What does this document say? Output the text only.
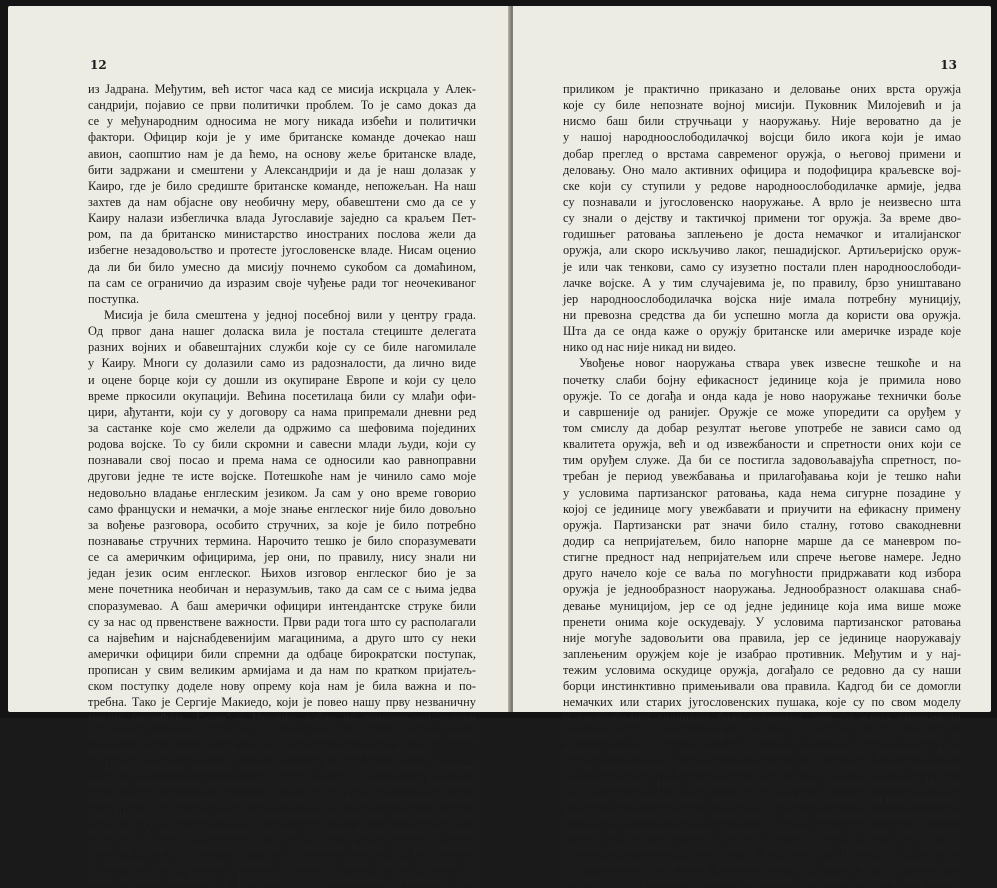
12
из Јадрана. Међутим, већ истог часа кад се мисија искрцала у Алек-
сандрији, појавио се први политички проблем. То је само доказ да
се у међународним односима не могу никада избећи и политички
фактори. Официр који је у име британске команде дочекао наш
авион, саопштио нам је да ћемо, на основу жеље британске владе,
бити задржани и смештени у Александрији и да је наш долазак у
Каиро, где је било средиште британске команде, непожељан. На наш
захтев да нам објасне ову необичну меру, обавештени смо да се у
Каиру налази избегличка влада Југославије заједно са краљем Пет-
ром, па да британско министарство иностраних послова жели да
избегне незадовољство и протесте југословенске владе. Нисам оценио
да ли би било умесно да мисију почнемо сукобом са домаћином,
па сам се ограничио да изразим своје чуђење ради тог неочекиваног
поступка.
Мисија је била смештена у једној посебној вили у центру града.
Од првог дана нашег доласка вила је постала стециште делегата
разних војних и обавештајних служби које су се биле нагомилале
у Каиру. Многи су долазили само из радозналости, да лично виде
и оцене борце који су дошли из окупиране Европе и који су цело
време пркосили окупацији. Већина посетилаца били су млађи офи-
цири, ађутанти, који су у договору са нама припремали дневни ред
за састанке које смо желели да одржимо са шефовима појединих
родова војске. То су били скромни и савесни млади људи, који су
познавали свој посао и према нама се односили као равноправни
другови једне те исте војске. Потешкоће нам је чинило само моје
недовољно владање енглеским језиком. Ја сам у оно време говорио
само француски и немачки, а моје знање енглеског није било довољно
за вођење разговора, особито стручних, за које је било потребно
познавање стручних термина. Нарочито тешко је било споразумевати
се са америчким официрима, јер они, по правилу, нису знали ни
један језик осим енглеског. Њихов изговор енглеског био је за
мене почетника необичан и неразумљив, тако да сам се с њима једва
споразумевао. А баш амерички официри интендантске струке били
су за нас од првенствене важности. Први ради тога што су располагали
са највећим и најснабдевенијим магацинима, а друго што су неки
амерички официри били спремни да одбаце бирократски поступак,
прописан у свим великим армијама и да нам по кратком пријатељ-
ском поступку доделе нову опрему која нам је била важна и по-
требна. Тако је Сергије Макиедо, који је повео нашу прву незваничну
мисију бродићем „Бакар" у Италију, добио на пријатељској основи
од једног америчког мајора, са свега неколико дана, далеко више
опреме и оружја него што је пре тога добила читава наша војска.
Прва седмица боравка војне мисије била је испуњена припре-
мама и претходним договорима за састанак са генералом Мејтланд
Вилсоном, командантом Средњег истока и са ваздухопловним марша-
лом Шолто Дугласом, који је командовао ваздушним снагама на том
подручју. У склопу припрема за ове састанке војна мисија је одве-
дена на један пустињски полигон у близини Каира. То је учињено
у намери да чланови мисије упознају нове врсте оружја и
нове моделе израђене у Британији и Сједињеним Државама. Том
13
приликом је практично приказано и деловање оних врста оружја
које су биле непознате војној мисији. Пуковник Милојевић и ја
нисмо баш били стручњаци у наоружању. Није вероватно да је
у нашој народноослободилачкој војсци било икога који је имао
добар преглед о врстама савременог оружја, о његовој примени и
деловању. Оно мало активних официра и подофицира краљевске вој-
ске који су ступили у редове народноослободилачке армије, једва
су познавали и југословенско наоружање. А врло је неизвесно шта
су знали о дејству и тактичкој примени тог оружја. За време дво-
годишњег ратовања заплењено је доста немачког и италијанског
оружја, али скоро искључиво лаког, пешадијског. Артиљеријско оруж-
је или чак тенкови, само су изузетно постали плен народноослободи-
лачке војске. А у тим случајевима је, по правилу, брзо уништавано
јер народноослободилачка војска није имала потребну муницију,
ни превозна средства да би успешно могла да користи ова оружја.
Шта да се онда каже о оружју британске или америчке израде које
нико од нас није никад ни видео.
Увођење новог наоружања ствара увек извесне тешкоће и на
почетку слаби бојну ефикасност јединице која је примила ново
оружје. То се догађа и онда када је ново наоружање технички боље
и савршеније од ранијег. Оружје се може упоредити са оруђем у
том смислу да добар резултат његове употребе не зависи само од
квалитета оружја, већ и од извежбаности и спретности оних који се
тим оруђем служе. Да би се постигла задовољавајућа спретност, по-
требан је период увежбавања и прилагођавања који је тешко наћи
у условима партизанског ратовања, када нема сигурне позадине у
којој се јединице могу увежбавати и приучити на ефикасну примену
оружја. Партизански рат значи било сталну, готово свакодневни
додир са непријатељем, било напорне марше да се маневром по-
стигне предност над непријатељем или спрече његове намере. Једно
друго начело које се ваља по могућности придржавати код избора
оружја је једнообразност наоружања. Једнообразност олакшава снаб-
девање муницијом, јер се од једне јединице која има више може
пренети онима које оскудевају. У условима партизанског ратовања
није могуће задовољити ова правила, јер се јединице наоружавају
заплењеним оружјем које је изабрао противник. Међутим и у нај-
тежим условима оскудице оружја, догађало се редовно да су наши
борци инстинктивно примењивали ова правила. Кадгод би се домогли
немачких или старих југословенских пушака, које су по свом моделу
и употребљеној муницији биле истоветне, они би њима замењивали
италијанске и старо-аустријске пушке. У избору оружја требало је
водити рачуна и о посебним условима партизанског ратовања. Који
су то првенствени циљеви против којих ће се ново оружје најчешће
употребљавати? Није ли нека врста сувише специјализована? Не би
ли боље одговарало неко оружје са могућом широм врстом примене?
Ради илустрације шта се овим има у виду наводимо противтенковске
топове и противтенковске ракетне бацаче. Док је овај топ првен-
ствено дефанзивно оружје, доста незгодан за транспорт у беспуће
и планинским пределима, ракетни бацач се може врло успешно ко-
ристити и за разарање бункера и мањих утврђења и стога има много
